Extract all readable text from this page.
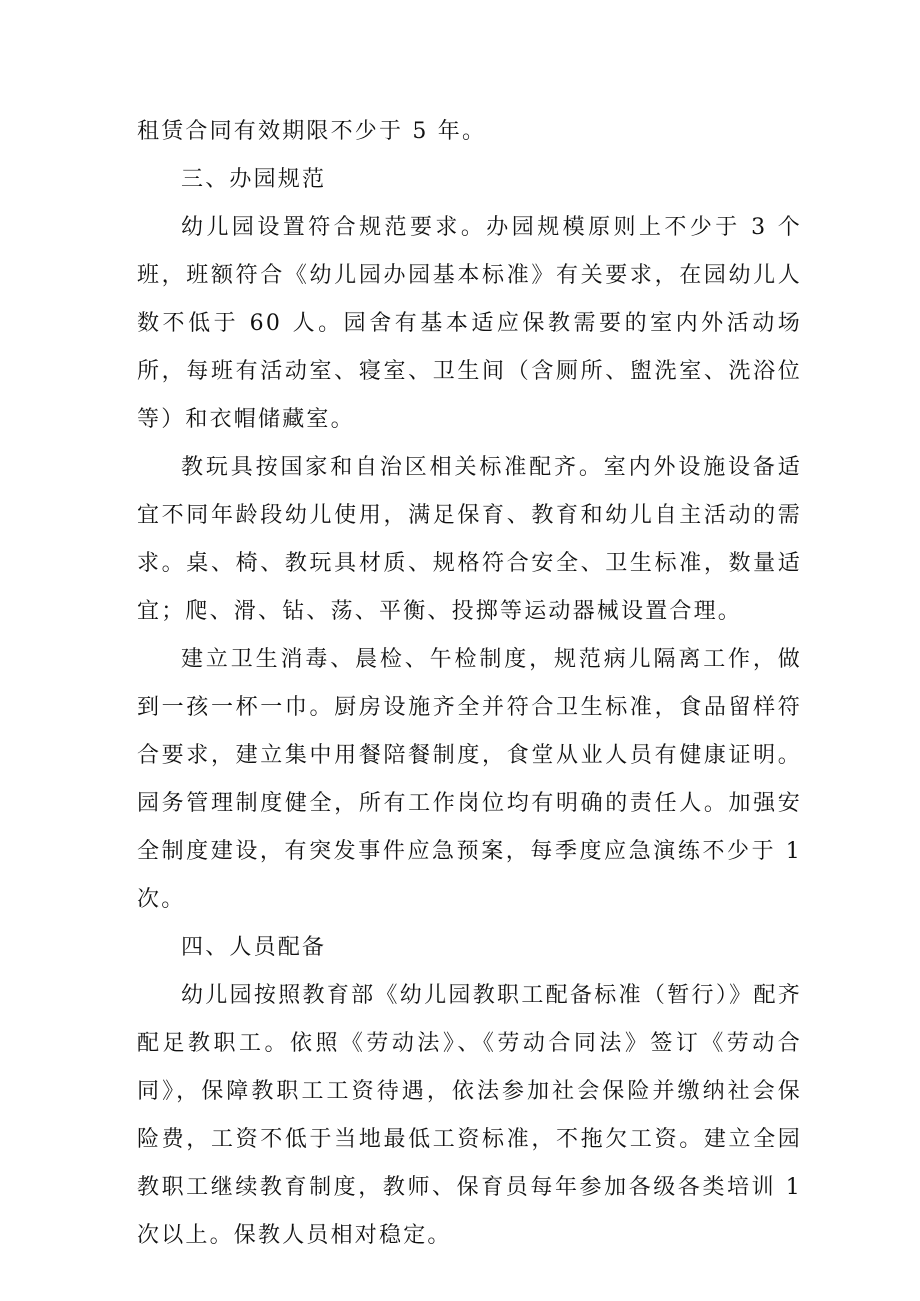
租赁合同有效期限不少于 5 年。

三、办园规范

幼儿园设置符合规范要求。办园规模原则上不少于 3 个班，班额符合《幼儿园办园基本标准》有关要求，在园幼儿人数不低于 60 人。园舍有基本适应保教需要的室内外活动场所，每班有活动室、寝室、卫生间（含厕所、盥洗室、洗浴位等）和衣帽储藏室。

教玩具按国家和自治区相关标准配齐。室内外设施设备适宜不同年龄段幼儿使用，满足保育、教育和幼儿自主活动的需求。桌、椅、教玩具材质、规格符合安全、卫生标准，数量适宜；爬、滑、钻、荡、平衡、投掷等运动器械设置合理。

建立卫生消毒、晨检、午检制度，规范病儿隔离工作，做到一孩一杯一巾。厨房设施齐全并符合卫生标准，食品留样符合要求，建立集中用餐陪餐制度，食堂从业人员有健康证明。园务管理制度健全，所有工作岗位均有明确的责任人。加强安全制度建设，有突发事件应急预案，每季度应急演练不少于 1 次。

四、人员配备

幼儿园按照教育部《幼儿园教职工配备标准（暂行）》配齐配足教职工。依照《劳动法》、《劳动合同法》签订《劳动合同》，保障教职工工资待遇，依法参加社会保险并缴纳社会保险费，工资不低于当地最低工资标准，不拖欠工资。建立全园教职工继续教育制度，教师、保育员每年参加各级各类培训 1 次以上。保教人员相对稳定。
